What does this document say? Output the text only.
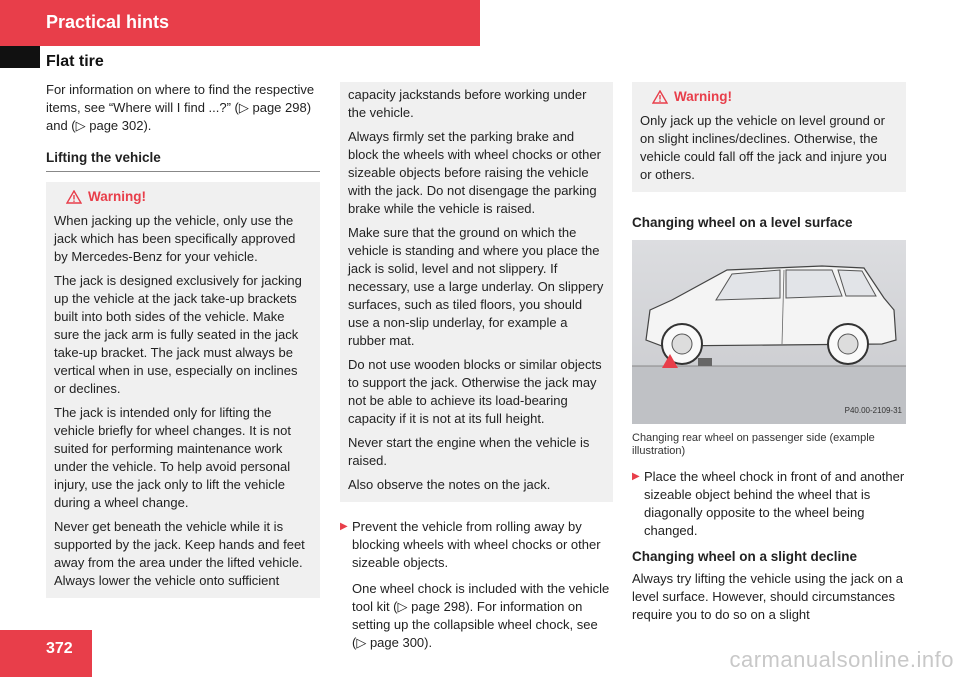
Practical hints
Flat tire

For information on where to find the respective items, see “Where will I find ...?” (▷ page 298) and (▷ page 302).

Lifting the vehicle
Warning!

When jacking up the vehicle, only use the jack which has been specifically approved by Mercedes-Benz for your vehicle.

The jack is designed exclusively for jacking up the vehicle at the jack take-up brackets built into both sides of the vehicle. Make sure the jack arm is fully seated in the jack take-up bracket. The jack must always be vertical when in use, especially on inclines or declines.

The jack is intended only for lifting the vehicle briefly for wheel changes. It is not suited for performing maintenance work under the vehicle. To help avoid personal injury, use the jack only to lift the vehicle during a wheel change.

Never get beneath the vehicle while it is supported by the jack. Keep hands and feet away from the area under the lifted vehicle. Always lower the vehicle onto sufficient

capacity jackstands before working under the vehicle.

Always firmly set the parking brake and block the wheels with wheel chocks or other sizeable objects before raising the vehicle with the jack. Do not disengage the parking brake while the vehicle is raised.

Make sure that the ground on which the vehicle is standing and where you place the jack is solid, level and not slippery. If necessary, use a large underlay. On slippery surfaces, such as tiled floors, you should use a non-slip underlay, for example a rubber mat.

Do not use wooden blocks or similar objects to support the jack. Otherwise the jack may not be able to achieve its load-bearing capacity if it is not at its full height.

Never start the engine when the vehicle is raised.

Also observe the notes on the jack.

▶ Prevent the vehicle from rolling away by blocking wheels with wheel chocks or other sizeable objects.

One wheel chock is included with the vehicle tool kit (▷ page 298). For information on setting up the collapsible wheel chock, see (▷ page 300).

Warning!

Only jack up the vehicle on level ground or on slight inclines/declines. Otherwise, the vehicle could fall off the jack and injure you or others.

Changing wheel on a level surface
P40.00-2109-31
Changing rear wheel on passenger side (example illustration)
▶ Place the wheel chock in front of and another sizeable object behind the wheel that is diagonally opposite to the wheel being changed.
Changing wheel on a slight decline

Always try lifting the vehicle using the jack on a level surface. However, should circumstances require you to do so on a slight

372	carmanualsonline.info
